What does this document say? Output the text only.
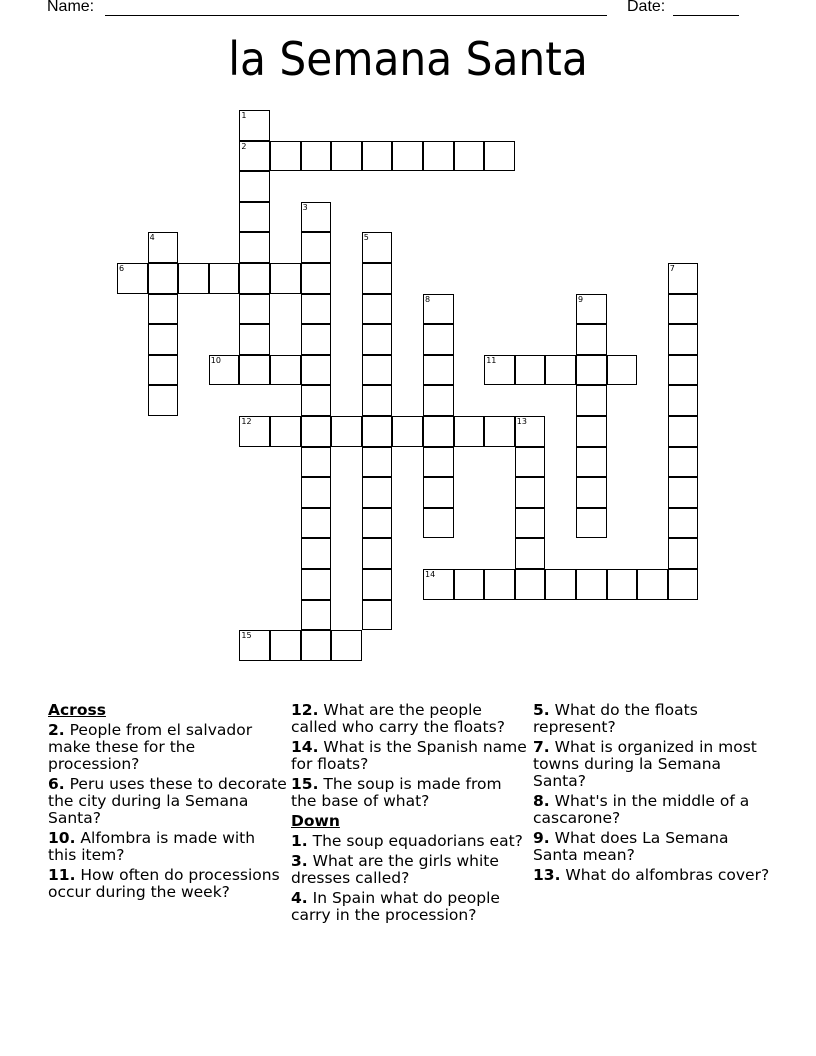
Name:	Date:
la Semana Santa
1
2
3
4	5
6	7
8	9
10	11
12	13
14
15
Across
2. People from el salvador make these for the procession?
6. Peru uses these to decorate the city during la Semana Santa?
10. Alfombra is made with this item?
11. How often do processions occur during the week?
12. What are the people called who carry the floats?
14. What is the Spanish name for floats?
15. The soup is made from the base of what?
Down
1. The soup equadorians eat?
3. What are the girls white dresses called?
4. In Spain what do people carry in the procession?
5. What do the floats represent?
7. What is organized in most towns during la Semana Santa?
8. What's in the middle of a cascarone?
9. What does La Semana Santa mean?
13. What do alfombras cover?
